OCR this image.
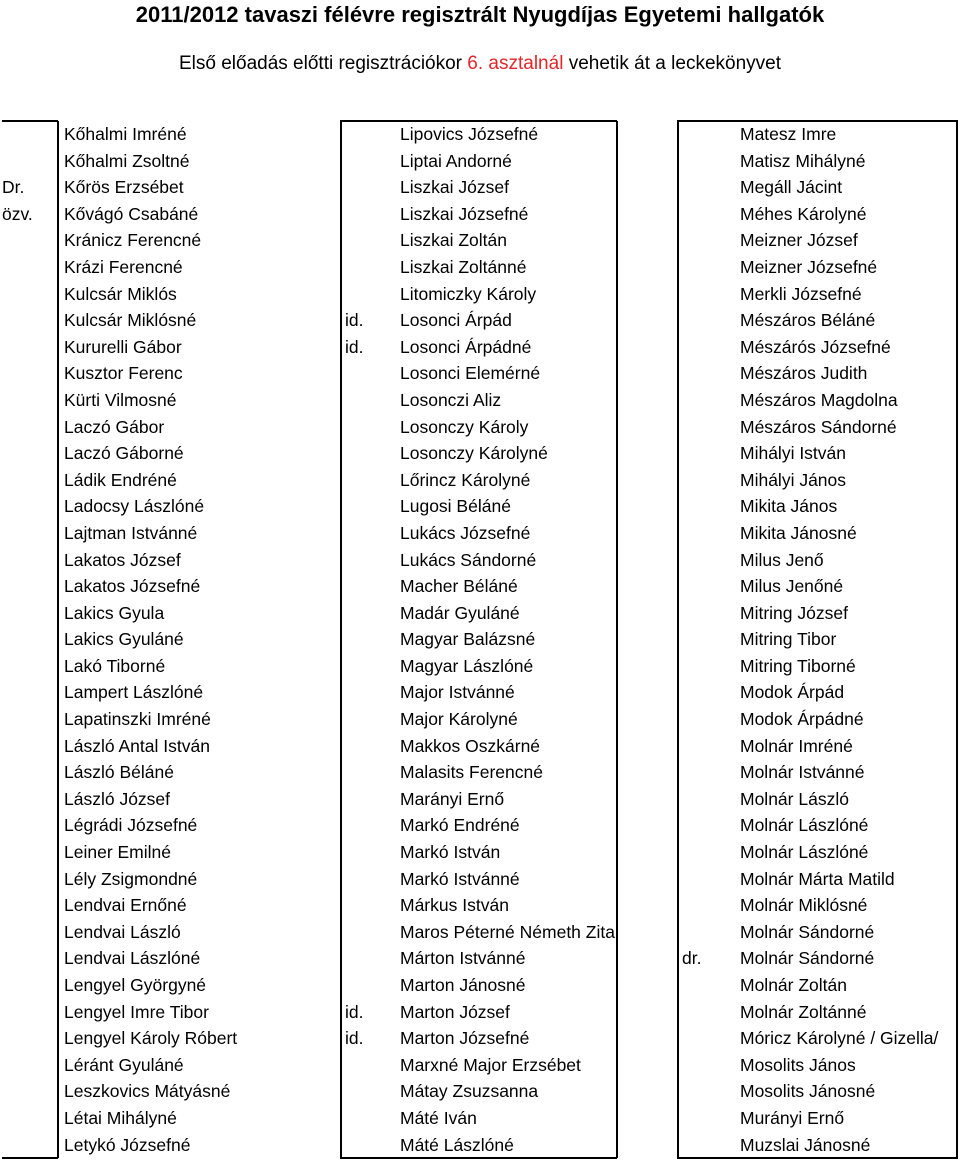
2011/2012 tavaszi félévre regisztrált Nyugdíjas Egyetemi hallgatók
Első előadás előtti regisztrációkor 6. asztalnál vehetik át a leckekönyvet
Kőhalmi Imréné	Lipovics Józsefné	Matesz Imre
Kőhalmi Zsoltné	Liptai Andorné	Matisz Mihályné
Dr.	Kőrös Erzsébet	Liszkai József	Megáll Jácint
özv.	Kővágó Csabáné	Liszkai Józsefné	Méhes Károlyné
Kránicz Ferencné	Liszkai Zoltán	Meizner József
Krázi Ferencné	Liszkai Zoltánné	Meizner Józsefné
Kulcsár Miklós	Litomiczky Károly	Merkli Józsefné
Kulcsár Miklósné	id.	Losonci Árpád	Mészáros Béláné
Kururelli Gábor	id.	Losonci Árpádné	Mészárós Józsefné
Kusztor Ferenc	Losonci Elemérné	Mészáros Judith
Kürti Vilmosné	Losonczi Aliz	Mészáros Magdolna
Laczó Gábor	Losonczy Károly	Mészáros Sándorné
Laczó Gáborné	Losonczy Károlyné	Mihályi István
Ládik Endréné	Lőrincz Károlyné	Mihályi János
Ladocsy Lászlóné	Lugosi Béláné	Mikita János
Lajtman Istvánné	Lukács Józsefné	Mikita Jánosné
Lakatos József	Lukács Sándorné	Milus Jenő
Lakatos Józsefné	Macher Béláné	Milus Jenőné
Lakics Gyula	Madár Gyuláné	Mitring József
Lakics Gyuláné	Magyar Balázsné	Mitring Tibor
Lakó Tiborné	Magyar Lászlóné	Mitring Tiborné
Lampert Lászlóné	Major Istvánné	Modok Árpád
Lapatinszki Imréné	Major Károlyné	Modok Árpádné
László Antal István	Makkos Oszkárné	Molnár Imréné
László Béláné	Malasits Ferencné	Molnár Istvánné
László József	Marányi Ernő	Molnár László
Légrádi Józsefné	Markó Endréné	Molnár Lászlóné
Leiner Emilné	Markó István	Molnár Lászlóné
Lély Zsigmondné	Markó Istvánné	Molnár Márta Matild
Lendvai Ernőné	Márkus István	Molnár Miklósné
Lendvai László	Maros Péterné Németh Zita	Molnár Sándorné
Lendvai Lászlóné	Márton Istvánné	dr.	Molnár Sándorné
Lengyel Györgyné	Marton Jánosné	Molnár Zoltán
Lengyel Imre Tibor	id.	Marton József	Molnár Zoltánné
Lengyel Károly Róbert	id.	Marton Józsefné	Móricz Károlyné / Gizella/
Léránt Gyuláné	Marxné Major Erzsébet	Mosolits János
Leszkovics Mátyásné	Mátay Zsuzsanna	Mosolits Jánosné
Létai Mihályné	Máté Iván	Murányi Ernő
Letykó Józsefné	Máté Lászlóné	Muzslai Jánosné
